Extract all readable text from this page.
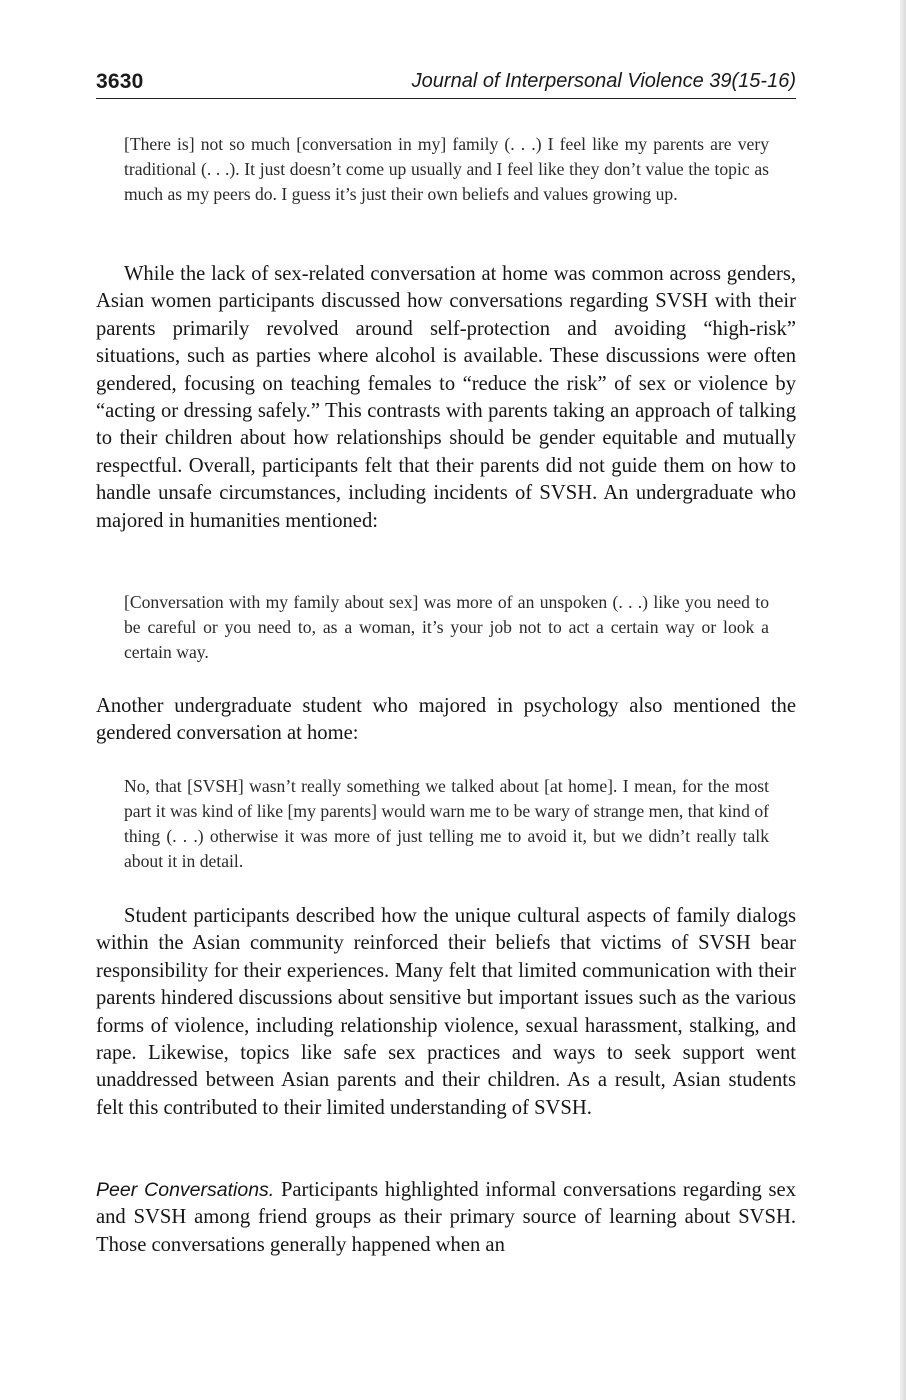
3630	Journal of Interpersonal Violence 39(15-16)

[There is] not so much [conversation in my] family (. . .) I feel like my parents are very traditional (. . .). It just doesn’t come up usually and I feel like they don’t value the topic as much as my peers do. I guess it’s just their own beliefs and values growing up.

While the lack of sex-related conversation at home was common across genders, Asian women participants discussed how conversations regarding SVSH with their parents primarily revolved around self-protection and avoiding “high-risk” situations, such as parties where alcohol is available. These discussions were often gendered, focusing on teaching females to “reduce the risk” of sex or violence by “acting or dressing safely.” This contrasts with parents taking an approach of talking to their children about how relationships should be gender equitable and mutually respectful. Overall, participants felt that their parents did not guide them on how to handle unsafe circumstances, including incidents of SVSH. An undergraduate who majored in humanities mentioned:

[Conversation with my family about sex] was more of an unspoken (. . .) like you need to be careful or you need to, as a woman, it’s your job not to act a certain way or look a certain way.

Another undergraduate student who majored in psychology also mentioned the gendered conversation at home:

No, that [SVSH] wasn’t really something we talked about [at home]. I mean, for the most part it was kind of like [my parents] would warn me to be wary of strange men, that kind of thing (. . .) otherwise it was more of just telling me to avoid it, but we didn’t really talk about it in detail.

Student participants described how the unique cultural aspects of family dialogs within the Asian community reinforced their beliefs that victims of SVSH bear responsibility for their experiences. Many felt that limited communication with their parents hindered discussions about sensitive but important issues such as the various forms of violence, including relationship violence, sexual harassment, stalking, and rape. Likewise, topics like safe sex practices and ways to seek support went unaddressed between Asian parents and their children. As a result, Asian students felt this contributed to their limited understanding of SVSH.

Peer Conversations. Participants highlighted informal conversations regarding sex and SVSH among friend groups as their primary source of learning about SVSH. Those conversations generally happened when an
